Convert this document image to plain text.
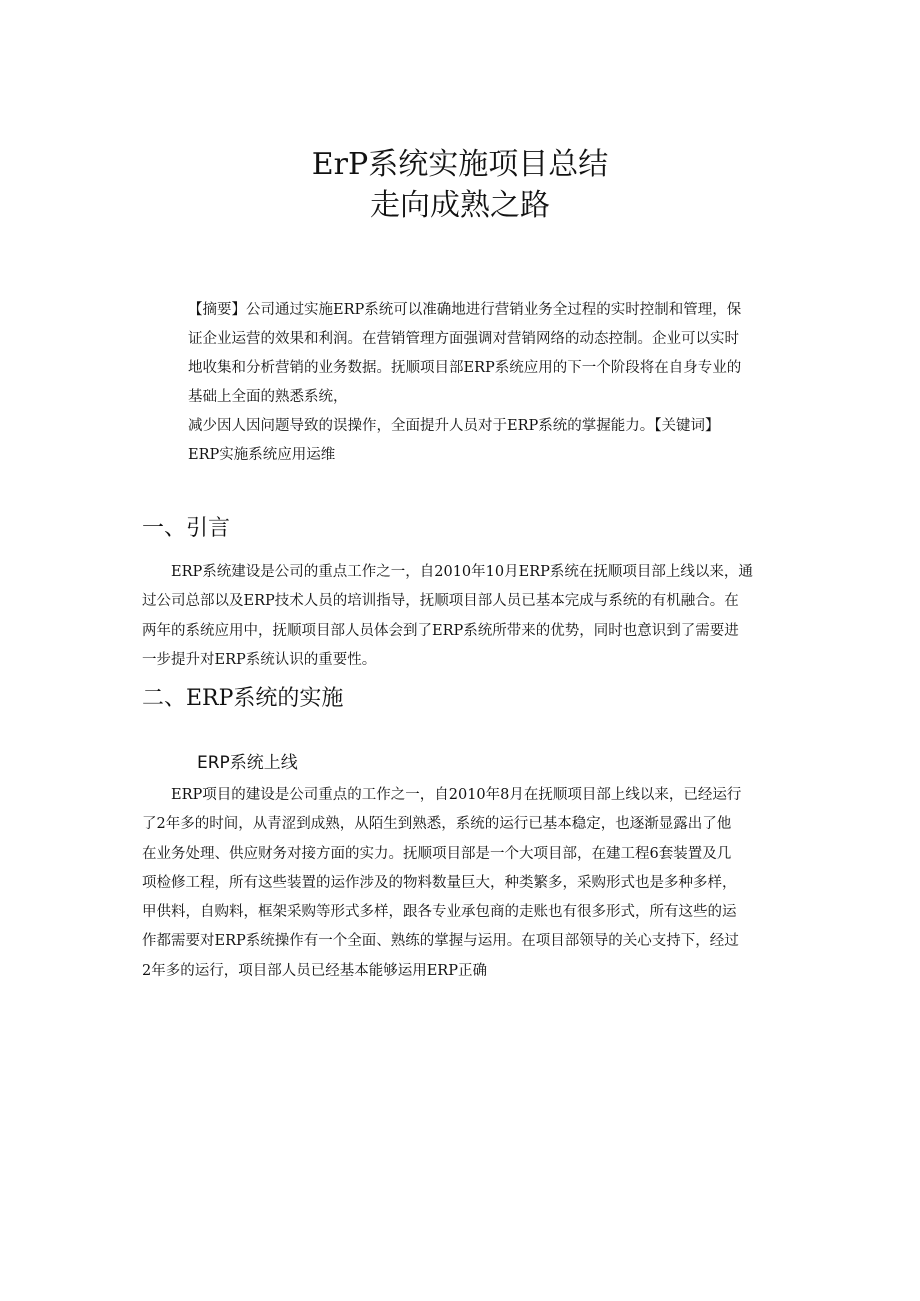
ErP系统实施项目总结
走向成熟之路
【摘要】公司通过实施ERP系统可以准确地进行营销业务全过程的实时控制和管理，保
证企业运营的效果和利润。在营销管理方面强调对营销网络的动态控制。企业可以实时
地收集和分析营销的业务数据。抚顺项目部ERP系统应用的下一个阶段将在自身专业的
基础上全面的熟悉系统，
减少因人因问题导致的误操作，全面提升人员对于ERP系统的掌握能力。【关键词】
ERP实施系统应用运维
一、引言
　　ERP系统建设是公司的重点工作之一，自2010年10月ERP系统在抚顺项目部上线以来，通
过公司总部以及ERP技术人员的培训指导，抚顺项目部人员已基本完成与系统的有机融合。在
两年的系统应用中，抚顺项目部人员体会到了ERP系统所带来的优势，同时也意识到了需要进
一步提升对ERP系统认识的重要性。
二、ERP系统的实施
ERP系统上线
　　ERP项目的建设是公司重点的工作之一，自2010年8月在抚顺项目部上线以来，已经运行
了2年多的时间，从青涩到成熟，从陌生到熟悉，系统的运行已基本稳定，也逐渐显露出了他
在业务处理、供应财务对接方面的实力。抚顺项目部是一个大项目部，在建工程6套装置及几
项检修工程，所有这些装置的运作涉及的物料数量巨大，种类繁多，采购形式也是多种多样，
甲供料，自购料，框架采购等形式多样，跟各专业承包商的走账也有很多形式，所有这些的运
作都需要对ERP系统操作有一个全面、熟练的掌握与运用。在项目部领导的关心支持下，经过
2年多的运行，项目部人员已经基本能够运用ERP正确
